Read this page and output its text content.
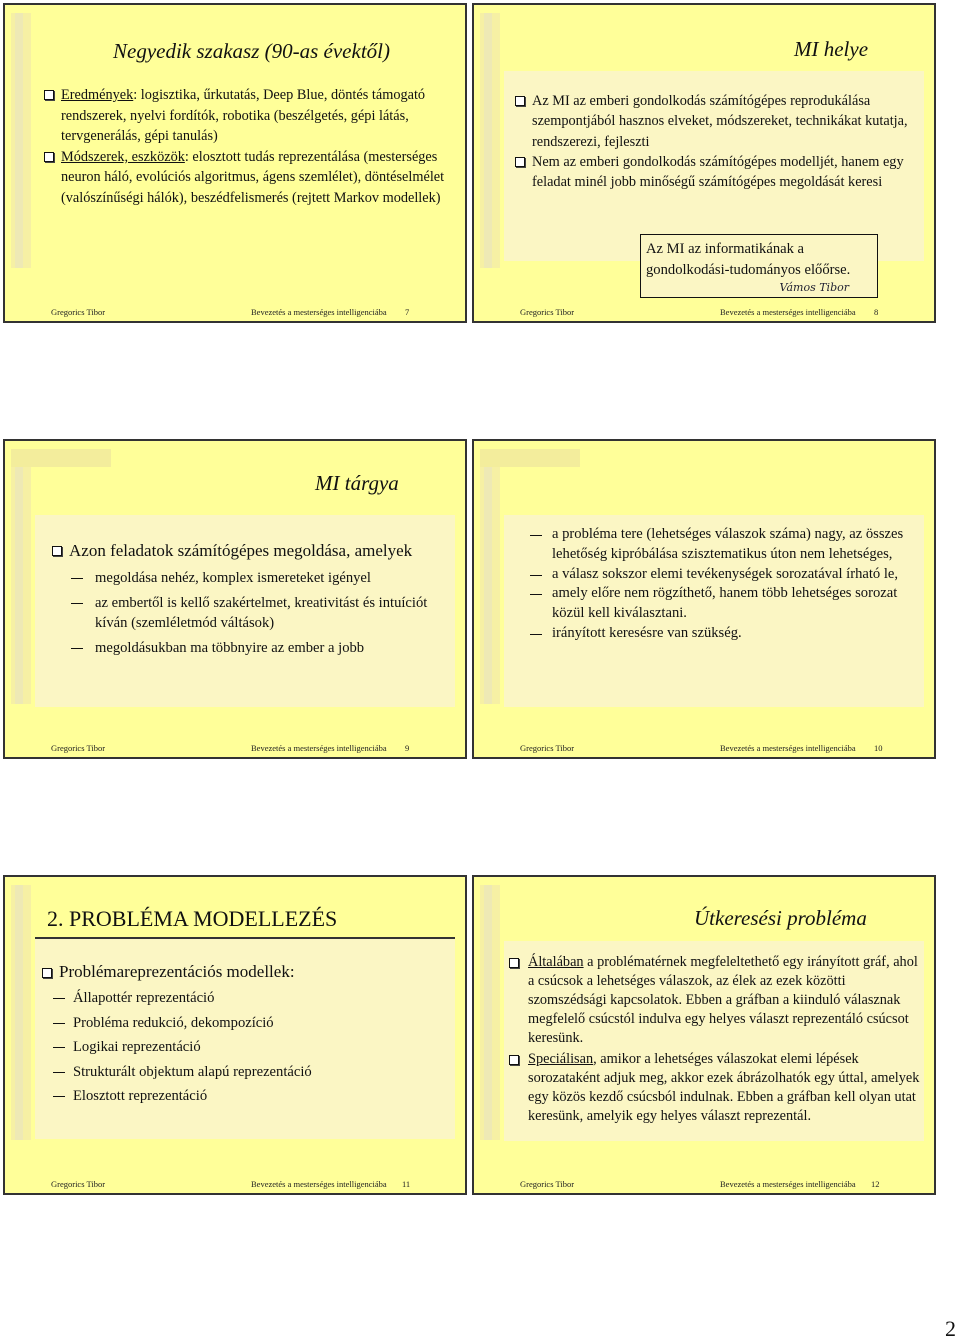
Negyedik szakasz (90-as évektől)

Eredmények: logisztika, űrkutatás, Deep Blue, döntés támogató rendszerek, nyelvi fordítók, robotika (beszélgetés, gépi látás, tervgenerálás, gépi tanulás)

Módszerek, eszközök: elosztott tudás reprezentálása (mesterséges neuron háló, evolúciós algoritmus, ágens szemlélet), döntéselmélet (valószínűségi hálók), beszédfelismerés (rejtett Markov modellek)

Gregorics Tibor	Bevezetés a mesterséges intelligenciába 7
MI helye

Az MI az emberi gondolkodás számítógépes reprodukálása szempontjából hasznos elveket, módszereket, technikákat kutatja, rendszerezi, fejleszti

Nem az emberi gondolkodás számítógépes modelljét, hanem egy feladat minél jobb minőségű számítógépes megoldását keresi

Az MI az informatikának a gondolkodási-tudományos előőrse.
Vámos Tibor
Gregorics Tibor	Bevezetés a mesterséges intelligenciába 8
MI tárgya

Azon feladatok számítógépes megoldása, amelyek

megoldása nehéz, komplex ismereteket igényel

az embertől is kellő szakértelmet, kreativitást és intuíciót kíván (szemléletmód váltások)

megoldásukban ma többnyire az ember a jobb

Gregorics Tibor	Bevezetés a mesterséges intelligenciába 9

a probléma tere (lehetséges válaszok száma) nagy, az összes lehetőség kipróbálása szisztematikus úton nem lehetséges,

a válasz sokszor elemi tevékenységek sorozatával írható le,

amely előre nem rögzíthető, hanem több lehetséges sorozat közül kell kiválasztani.

irányított keresésre van szükség.

Gregorics Tibor	Bevezetés a mesterséges intelligenciába 10
2. PROBLÉMA MODELLEZÉS

Problémareprezentációs modellek:

Állapottér reprezentáció

Probléma redukció, dekompozíció

Logikai reprezentáció

Strukturált objektum alapú reprezentáció

Elosztott reprezentáció

Gregorics Tibor	Bevezetés a mesterséges intelligenciába 11
Útkeresési probléma

Általában a problématérnek megfeleltethető egy irányított gráf, ahol a csúcsok a lehetséges válaszok, az élek az ezek közötti szomszédsági kapcsolatok. Ebben a gráfban a kiinduló válasznak megfelelő csúcstól indulva egy helyes választ reprezentáló csúcsot keresünk.

Speciálisan, amikor a lehetséges válaszokat elemi lépések sorozataként adjuk meg, akkor ezek ábrázolhatók egy úttal, amelyek egy közös kezdő csúcsból indulnak. Ebben a gráfban kell olyan utat keresünk, amelyik egy helyes választ reprezentál.

Gregorics Tibor	Bevezetés a mesterséges intelligenciába 12
2
